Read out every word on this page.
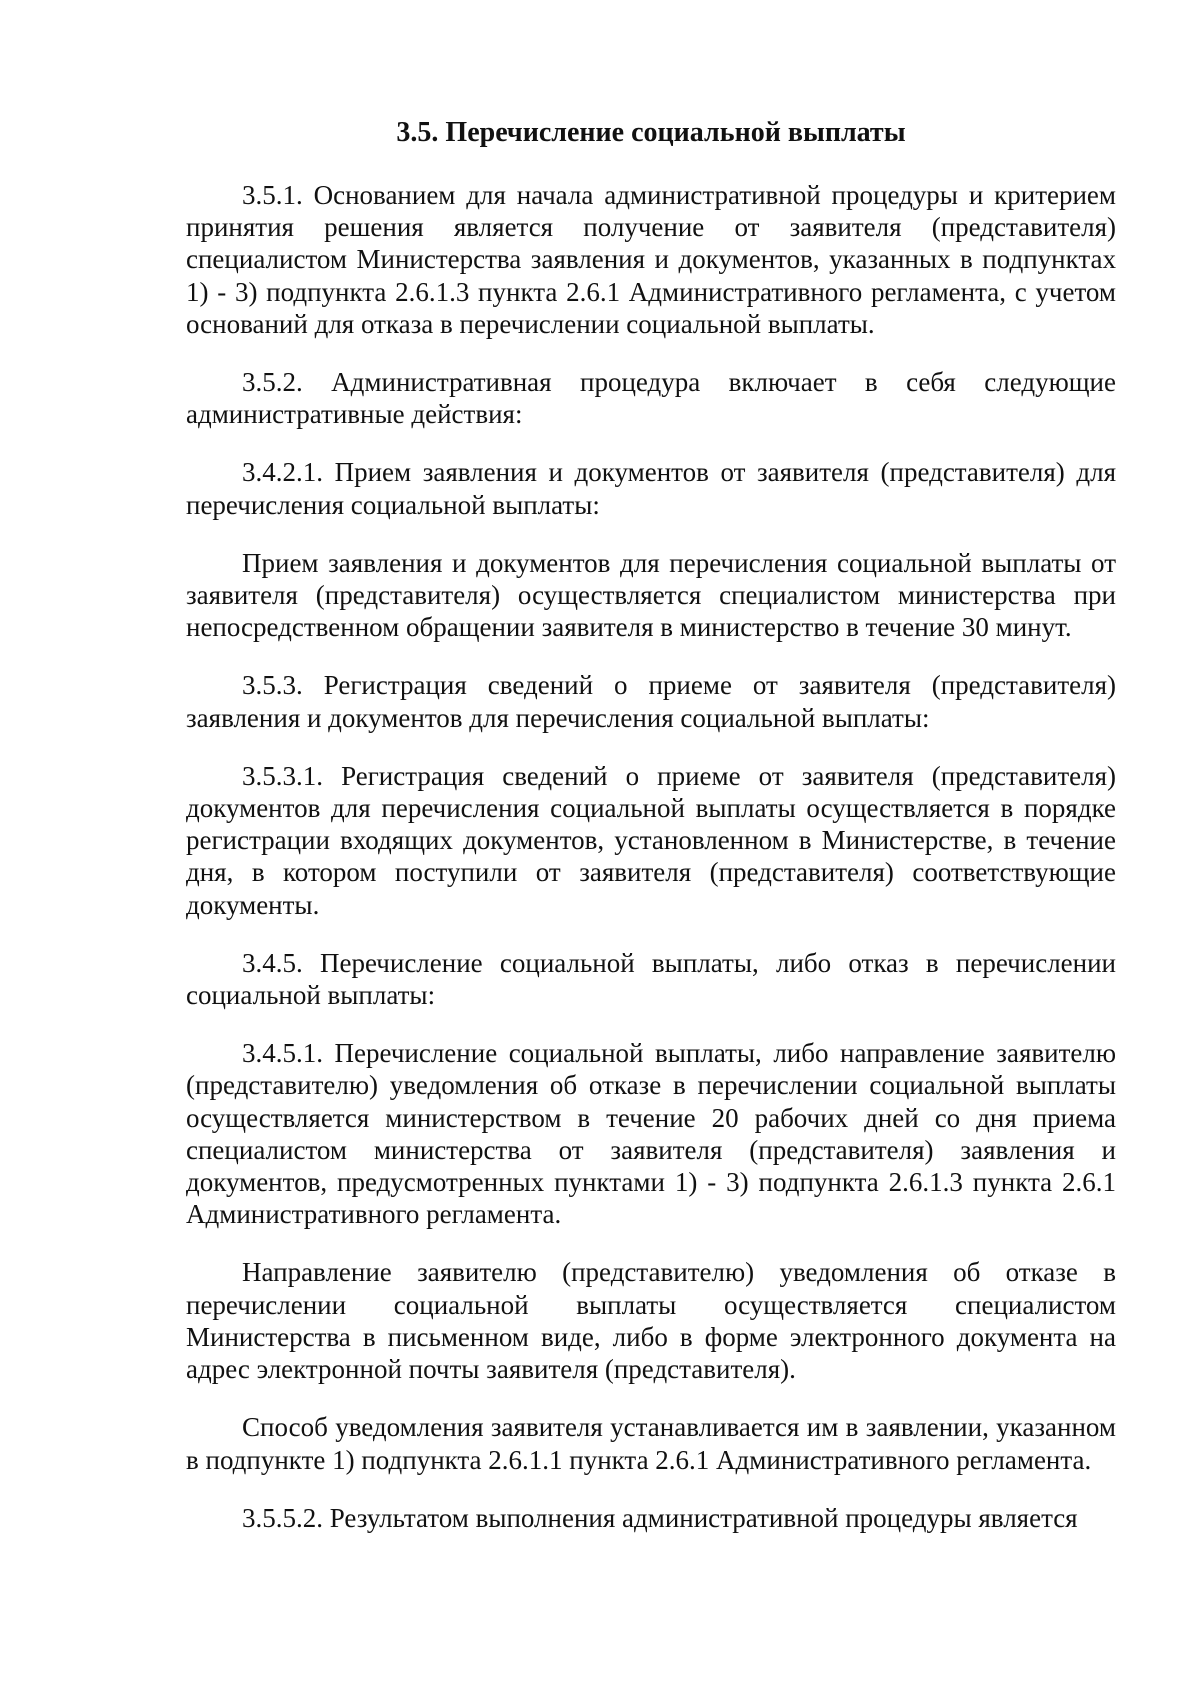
3.5. Перечисление социальной выплаты

3.5.1. Основанием для начала административной процедуры и критерием принятия решения является получение от заявителя (представителя) специалистом Министерства заявления и документов, указанных в подпунктах 1) - 3) подпункта 2.6.1.3 пункта 2.6.1 Административного регламента, с учетом оснований для отказа в перечислении социальной выплаты.

3.5.2. Административная процедура включает в себя следующие административные действия:

3.4.2.1. Прием заявления и документов от заявителя (представителя) для перечисления социальной выплаты:

Прием заявления и документов для перечисления социальной выплаты от заявителя (представителя) осуществляется специалистом министерства при непосредственном обращении заявителя в министерство в течение 30 минут.

3.5.3. Регистрация сведений о приеме от заявителя (представителя) заявления и документов для перечисления социальной выплаты:

3.5.3.1. Регистрация сведений о приеме от заявителя (представителя) документов для перечисления социальной выплаты осуществляется в порядке регистрации входящих документов, установленном в Министерстве, в течение дня, в котором поступили от заявителя (представителя) соответствующие документы.

3.4.5. Перечисление социальной выплаты, либо отказ в перечислении социальной выплаты:

3.4.5.1. Перечисление социальной выплаты, либо направление заявителю (представителю) уведомления об отказе в перечислении социальной выплаты осуществляется министерством в течение 20 рабочих дней со дня приема специалистом министерства от заявителя (представителя) заявления и документов, предусмотренных пунктами 1) - 3) подпункта 2.6.1.3 пункта 2.6.1 Административного регламента.

Направление заявителю (представителю) уведомления об отказе в перечислении социальной выплаты осуществляется специалистом Министерства в письменном виде, либо в форме электронного документа на адрес электронной почты заявителя (представителя).

Способ уведомления заявителя устанавливается им в заявлении, указанном в подпункте 1) подпункта 2.6.1.1 пункта 2.6.1 Административного регламента.

3.5.5.2. Результатом выполнения административной процедуры является
